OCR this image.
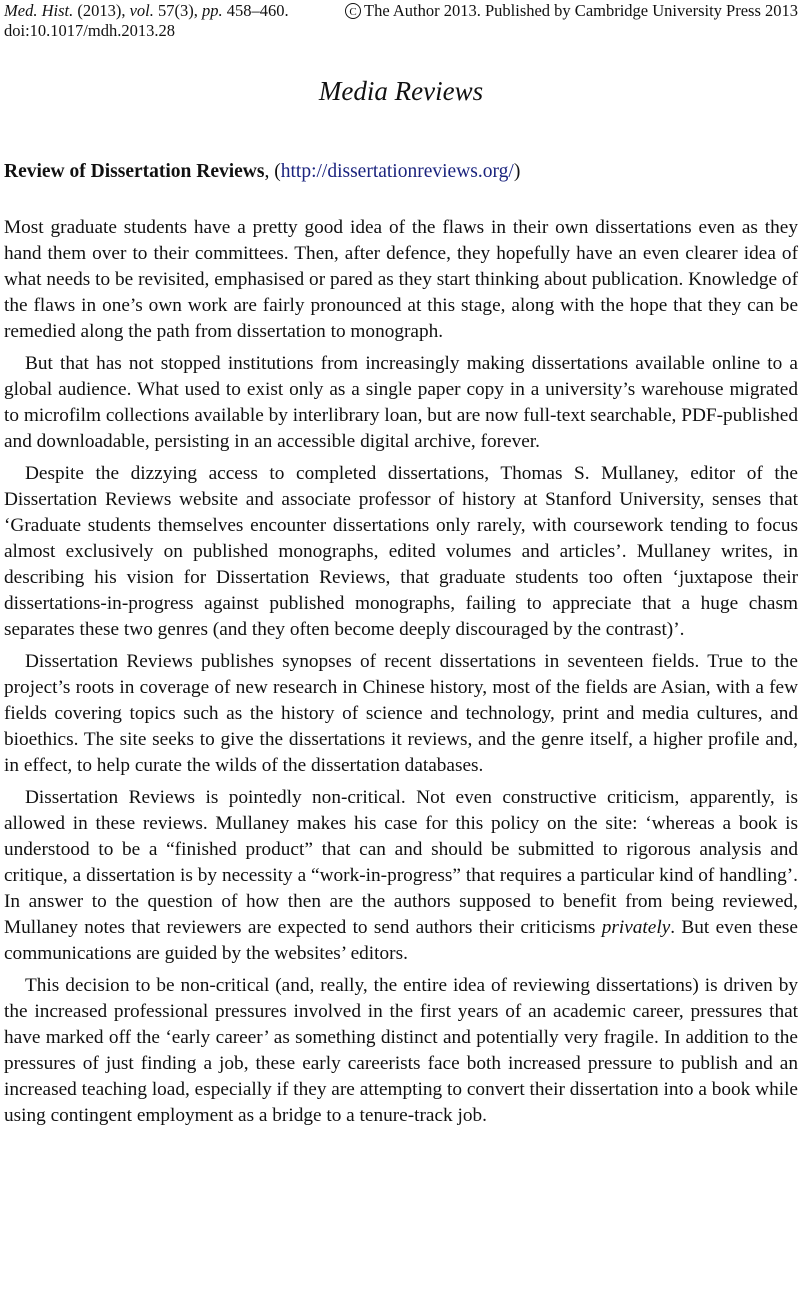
Med. Hist. (2013), vol. 57(3), pp. 458–460.	C The Author 2013. Published by Cambridge University Press 2013
doi:10.1017/mdh.2013.28
Media Reviews
Review of Dissertation Reviews, (http://dissertationreviews.org/)

Most graduate students have a pretty good idea of the flaws in their own dissertations even as they hand them over to their committees. Then, after defence, they hopefully have an even clearer idea of what needs to be revisited, emphasised or pared as they start thinking about publication. Knowledge of the flaws in one’s own work are fairly pronounced at this stage, along with the hope that they can be remedied along the path from dissertation to monograph.

But that has not stopped institutions from increasingly making dissertations available online to a global audience. What used to exist only as a single paper copy in a university’s warehouse migrated to microfilm collections available by interlibrary loan, but are now full-text searchable, PDF-published and downloadable, persisting in an accessible digital archive, forever.

Despite the dizzying access to completed dissertations, Thomas S. Mullaney, editor of the Dissertation Reviews website and associate professor of history at Stanford University, senses that ‘Graduate students themselves encounter dissertations only rarely, with coursework tending to focus almost exclusively on published monographs, edited volumes and articles’. Mullaney writes, in describing his vision for Dissertation Reviews, that graduate students too often ‘juxtapose their dissertations-in-progress against published monographs, failing to appreciate that a huge chasm separates these two genres (and they often become deeply discouraged by the contrast)’.

Dissertation Reviews publishes synopses of recent dissertations in seventeen fields. True to the project’s roots in coverage of new research in Chinese history, most of the fields are Asian, with a few fields covering topics such as the history of science and technology, print and media cultures, and bioethics. The site seeks to give the dissertations it reviews, and the genre itself, a higher profile and, in effect, to help curate the wilds of the dissertation databases.

Dissertation Reviews is pointedly non-critical. Not even constructive criticism, apparently, is allowed in these reviews. Mullaney makes his case for this policy on the site: ‘whereas a book is understood to be a “finished product” that can and should be submitted to rigorous analysis and critique, a dissertation is by necessity a “work-in-progress” that requires a particular kind of handling’. In answer to the question of how then are the authors supposed to benefit from being reviewed, Mullaney notes that reviewers are expected to send authors their criticisms privately. But even these communications are guided by the websites’ editors.

This decision to be non-critical (and, really, the entire idea of reviewing dissertations) is driven by the increased professional pressures involved in the first years of an academic career, pressures that have marked off the ‘early career’ as something distinct and potentially very fragile. In addition to the pressures of just finding a job, these early careerists face both increased pressure to publish and an increased teaching load, especially if they are attempting to convert their dissertation into a book while using contingent employment as a bridge to a tenure-track job.
